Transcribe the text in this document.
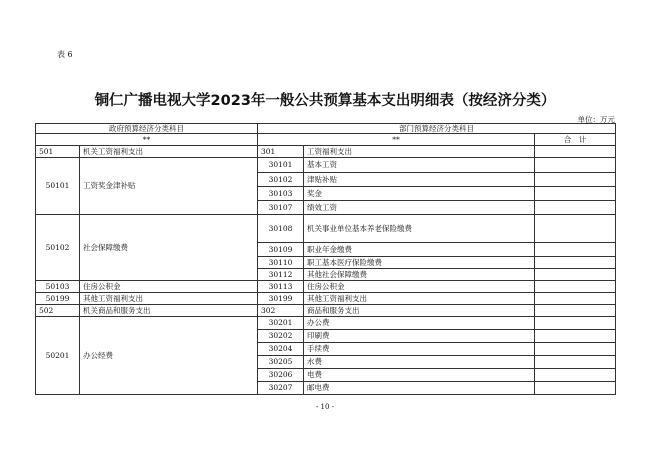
表 6
铜仁广播电视大学2023年一般公共预算基本支出明细表（按经济分类）
单位：万元
政府预算经济分类科目		部门预算经济分类科目		
**		**		合　计
501	机关工资福利支出	301	工资福利支出	
50101	工资奖金津补贴	30101	基本工资	
		30102	津贴补贴	
		30103	奖金	
		30107	绩效工资	
50102	社会保障缴费	30108	机关事业单位基本养老保险缴费	
		30109	职业年金缴费	
		30110	职工基本医疗保险缴费	
		30112	其他社会保障缴费	
50103	住房公积金	30113	住房公积金	
50199	其他工资福利支出	30199	其他工资福利支出	
502	机关商品和服务支出	302	商品和服务支出	
50201	办公经费	30201	办公费	
		30202	印刷费	
		30204	手续费	
		30205	水费	
		30206	电费	
		30207	邮电费	
- 10 -
